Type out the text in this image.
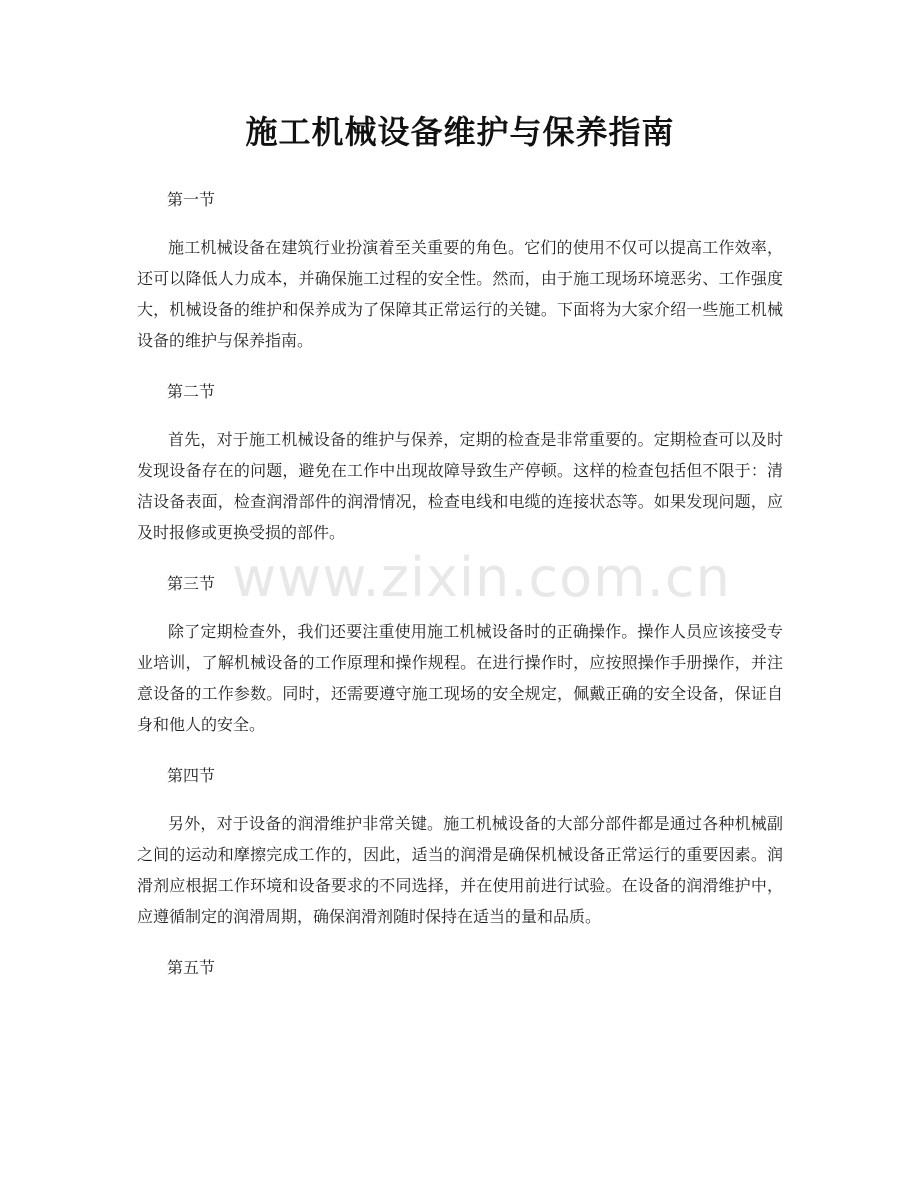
施工机械设备维护与保养指南

第一节

施工机械设备在建筑行业扮演着至关重要的角色。它们的使用不仅可以提高工作效率，还可以降低人力成本，并确保施工过程的安全性。然而，由于施工现场环境恶劣、工作强度大，机械设备的维护和保养成为了保障其正常运行的关键。下面将为大家介绍一些施工机械设备的维护与保养指南。

第二节

首先，对于施工机械设备的维护与保养，定期的检查是非常重要的。定期检查可以及时发现设备存在的问题，避免在工作中出现故障导致生产停顿。这样的检查包括但不限于：清洁设备表面，检查润滑部件的润滑情况，检查电线和电缆的连接状态等。如果发现问题，应及时报修或更换受损的部件。

第三节

除了定期检查外，我们还要注重使用施工机械设备时的正确操作。操作人员应该接受专业培训，了解机械设备的工作原理和操作规程。在进行操作时，应按照操作手册操作，并注意设备的工作参数。同时，还需要遵守施工现场的安全规定，佩戴正确的安全设备，保证自身和他人的安全。

第四节

另外，对于设备的润滑维护非常关键。施工机械设备的大部分部件都是通过各种机械副之间的运动和摩擦完成工作的，因此，适当的润滑是确保机械设备正常运行的重要因素。润滑剂应根据工作环境和设备要求的不同选择，并在使用前进行试验。在设备的润滑维护中，应遵循制定的润滑周期，确保润滑剂随时保持在适当的量和品质。

第五节

www.zixin.com.cn
